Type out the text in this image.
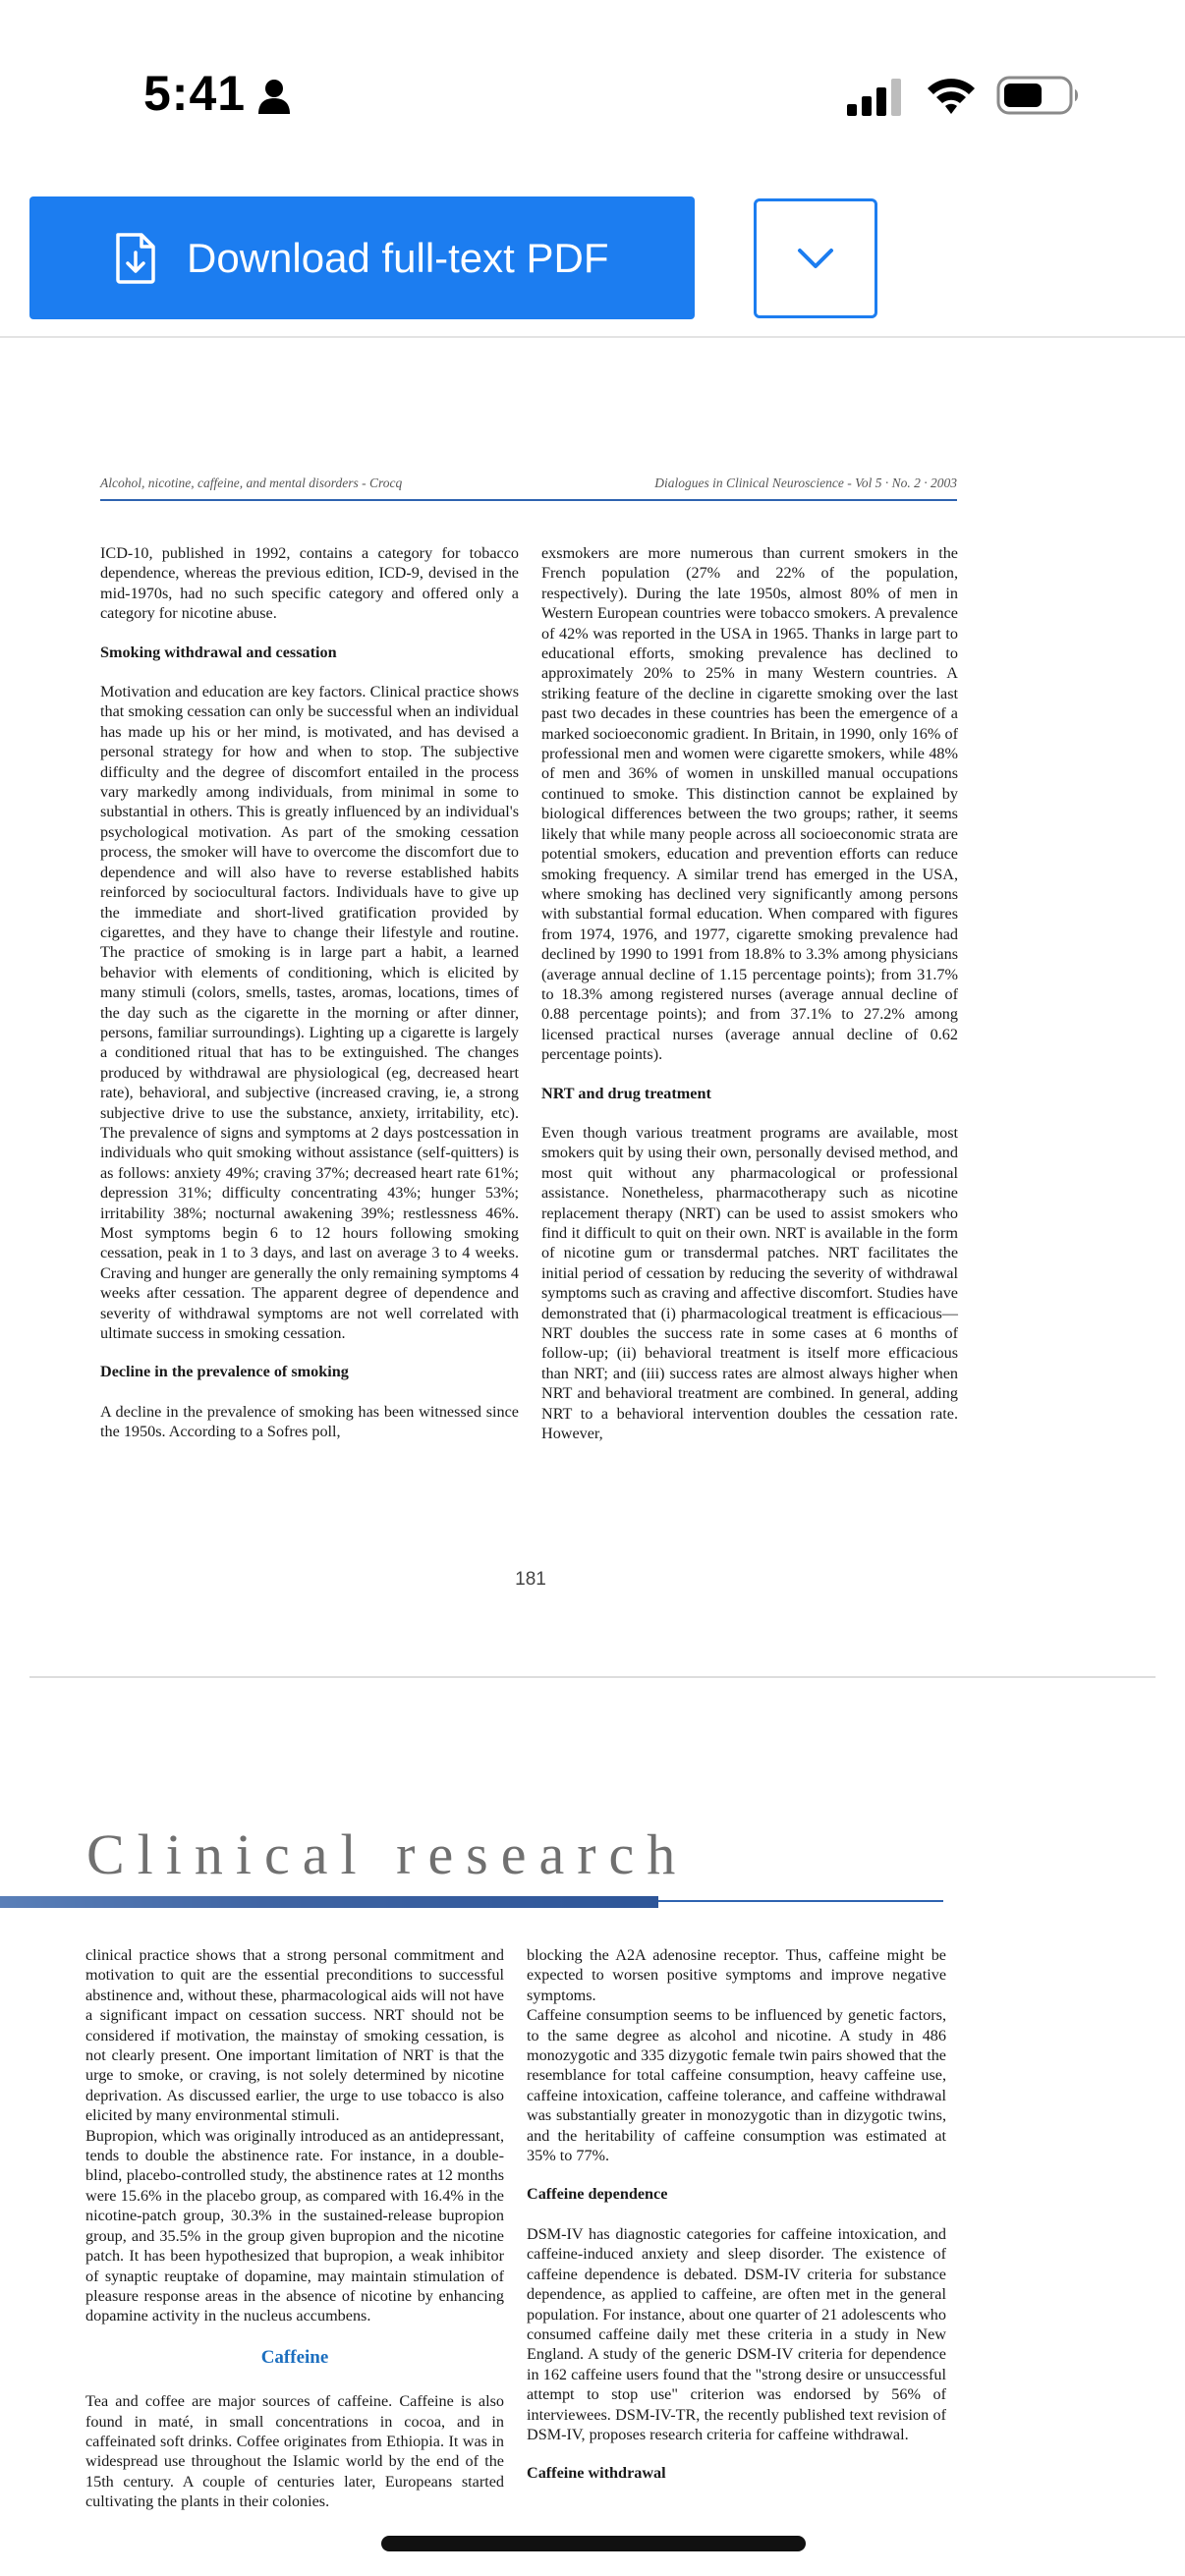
5:41
Download full-text PDF
Alcohol, nicotine, caffeine, and mental disorders - Crocq	Dialogues in Clinical Neuroscience - Vol 5 · No. 2 · 2003

ICD-10, published in 1992, contains a category for tobacco dependence, whereas the previous edition, ICD-9, devised in the mid-1970s, had no such specific category and offered only a category for nicotine abuse.

Smoking withdrawal and cessation

Motivation and education are key factors. Clinical practice shows that smoking cessation can only be successful when an individual has made up his or her mind, is motivated, and has devised a personal strategy for how and when to stop. The subjective difficulty and the degree of discomfort entailed in the process vary markedly among individuals, from minimal in some to substantial in others. This is greatly influenced by an individual's psychological motivation. As part of the smoking cessation process, the smoker will have to overcome the discomfort due to dependence and will also have to reverse established habits reinforced by sociocultural factors. Individuals have to give up the immediate and short-lived gratification provided by cigarettes, and they have to change their lifestyle and routine. The practice of smoking is in large part a habit, a learned behavior with elements of conditioning, which is elicited by many stimuli (colors, smells, tastes, aromas, locations, times of the day such as the cigarette in the morning or after dinner, persons, familiar surroundings). Lighting up a cigarette is largely a conditioned ritual that has to be extinguished. The changes produced by withdrawal are physiological (eg, decreased heart rate), behavioral, and subjective (increased craving, ie, a strong subjective drive to use the substance, anxiety, irritability, etc). The prevalence of signs and symptoms at 2 days postcessation in individuals who quit smoking without assistance (self-quitters) is as follows: anxiety 49%; craving 37%; decreased heart rate 61%; depression 31%; difficulty concentrating 43%; hunger 53%; irritability 38%; nocturnal awakening 39%; restlessness 46%. Most symptoms begin 6 to 12 hours following smoking cessation, peak in 1 to 3 days, and last on average 3 to 4 weeks. Craving and hunger are generally the only remaining symptoms 4 weeks after cessation. The apparent degree of dependence and severity of withdrawal symptoms are not well correlated with ultimate success in smoking cessation.

Decline in the prevalence of smoking

A decline in the prevalence of smoking has been witnessed since the 1950s. According to a Sofres poll,

exsmokers are more numerous than current smokers in the French population (27% and 22% of the population, respectively). During the late 1950s, almost 80% of men in Western European countries were tobacco smokers. A prevalence of 42% was reported in the USA in 1965. Thanks in large part to educational efforts, smoking prevalence has declined to approximately 20% to 25% in many Western countries. A striking feature of the decline in cigarette smoking over the last past two decades in these countries has been the emergence of a marked socioeconomic gradient. In Britain, in 1990, only 16% of professional men and women were cigarette smokers, while 48% of men and 36% of women in unskilled manual occupations continued to smoke. This distinction cannot be explained by biological differences between the two groups; rather, it seems likely that while many people across all socioeconomic strata are potential smokers, education and prevention efforts can reduce smoking frequency. A similar trend has emerged in the USA, where smoking has declined very significantly among persons with substantial formal education. When compared with figures from 1974, 1976, and 1977, cigarette smoking prevalence had declined by 1990 to 1991 from 18.8% to 3.3% among physicians (average annual decline of 1.15 percentage points); from 31.7% to 18.3% among registered nurses (average annual decline of 0.88 percentage points); and from 37.1% to 27.2% among licensed practical nurses (average annual decline of 0.62 percentage points).

NRT and drug treatment

Even though various treatment programs are available, most smokers quit by using their own, personally devised method, and most quit without any pharmacological or professional assistance. Nonetheless, pharmacotherapy such as nicotine replacement therapy (NRT) can be used to assist smokers who find it difficult to quit on their own. NRT is available in the form of nicotine gum or transdermal patches. NRT facilitates the initial period of cessation by reducing the severity of withdrawal symptoms such as craving and affective discomfort. Studies have demonstrated that (i) pharmacological treatment is efficacious—NRT doubles the success rate in some cases at 6 months of follow-up; (ii) behavioral treatment is itself more efficacious than NRT; and (iii) success rates are almost always higher when NRT and behavioral treatment are combined. In general, adding NRT to a behavioral intervention doubles the cessation rate. However,

181
Clinical research

clinical practice shows that a strong personal commitment and motivation to quit are the essential preconditions to successful abstinence and, without these, pharmacological aids will not have a significant impact on cessation success. NRT should not be considered if motivation, the mainstay of smoking cessation, is not clearly present. One important limitation of NRT is that the urge to smoke, or craving, is not solely determined by nicotine deprivation. As discussed earlier, the urge to use tobacco is also elicited by many environmental stimuli.

Bupropion, which was originally introduced as an antidepressant, tends to double the abstinence rate. For instance, in a double-blind, placebo-controlled study, the abstinence rates at 12 months were 15.6% in the placebo group, as compared with 16.4% in the nicotine-patch group, 30.3% in the sustained-release bupropion group, and 35.5% in the group given bupropion and the nicotine patch. It has been hypothesized that bupropion, a weak inhibitor of synaptic reuptake of dopamine, may maintain stimulation of pleasure response areas in the absence of nicotine by enhancing dopamine activity in the nucleus accumbens.

Caffeine

Tea and coffee are major sources of caffeine. Caffeine is also found in maté, in small concentrations in cocoa, and in caffeinated soft drinks. Coffee originates from Ethiopia. It was in widespread use throughout the Islamic world by the end of the 15th century. A couple of centuries later, Europeans started cultivating the plants in their colonies.

blocking the A2A adenosine receptor. Thus, caffeine might be expected to worsen positive symptoms and improve negative symptoms.

Caffeine consumption seems to be influenced by genetic factors, to the same degree as alcohol and nicotine. A study in 486 monozygotic and 335 dizygotic female twin pairs showed that the resemblance for total caffeine consumption, heavy caffeine use, caffeine intoxication, caffeine tolerance, and caffeine withdrawal was substantially greater in monozygotic than in dizygotic twins, and the heritability of caffeine consumption was estimated at 35% to 77%.

Caffeine dependence

DSM-IV has diagnostic categories for caffeine intoxication, and caffeine-induced anxiety and sleep disorder. The existence of caffeine dependence is debated. DSM-IV criteria for substance dependence, as applied to caffeine, are often met in the general population. For instance, about one quarter of 21 adolescents who consumed caffeine daily met these criteria in a study in New England. A study of the generic DSM-IV criteria for dependence in 162 caffeine users found that the "strong desire or unsuccessful attempt to stop use" criterion was endorsed by 56% of interviewees. DSM-IV-TR, the recently published text revision of DSM-IV, proposes research criteria for caffeine withdrawal.

Caffeine withdrawal
